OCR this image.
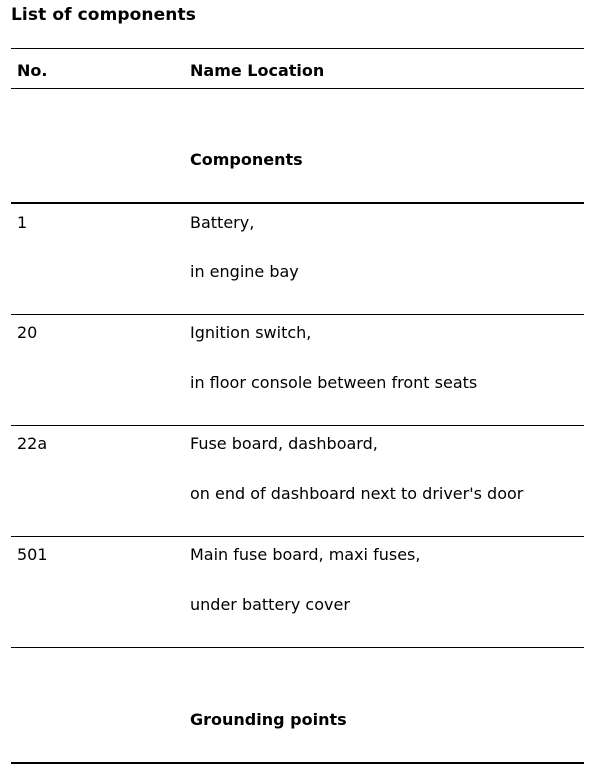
List of components
No.	Name Location
Components
1	Battery,
in engine bay
20	Ignition switch,
in floor console between front seats
22a	Fuse board, dashboard,
on end of dashboard next to driver's door
501	Main fuse board, maxi fuses,
under battery cover
Grounding points
